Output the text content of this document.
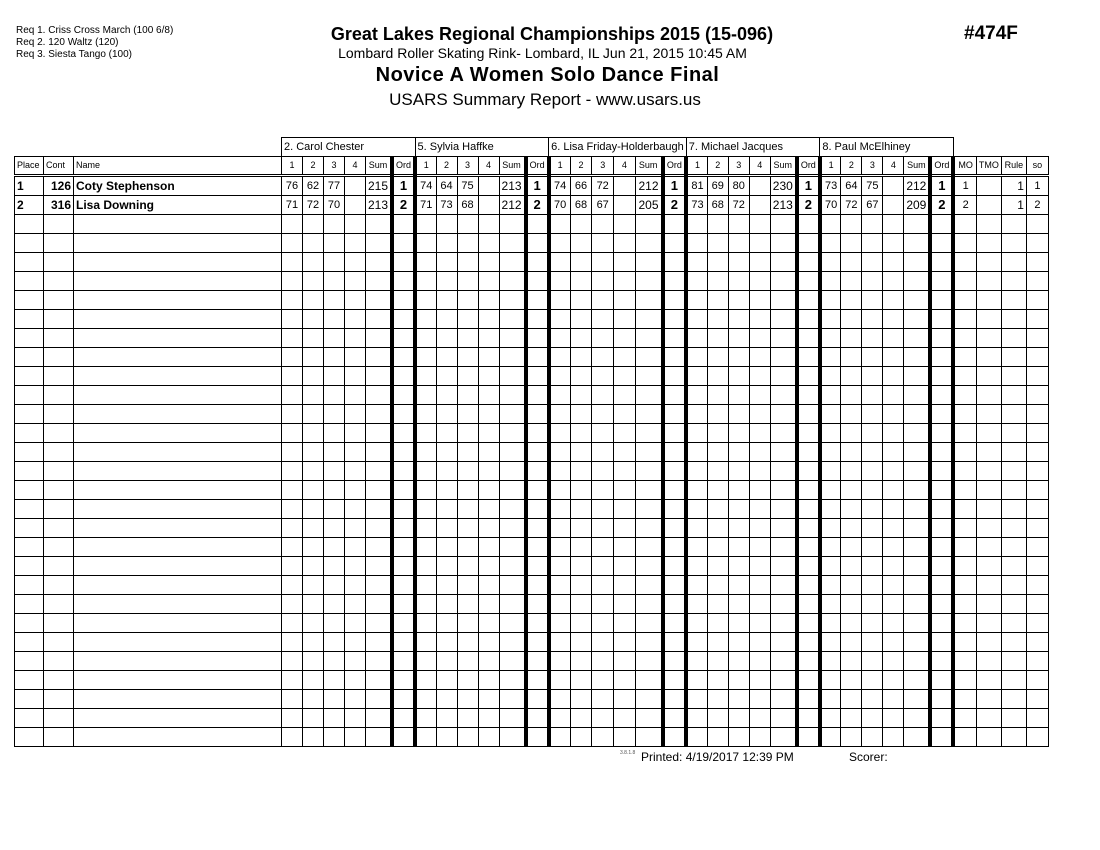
Req 1. Criss Cross March (100 6/8)
Req 2. 120 Waltz (120)
Req 3. Siesta Tango (100)
Great Lakes Regional Championships 2015 (15-096)
Lombard Roller Skating Rink- Lombard, IL Jun 21, 2015 10:45 AM
Novice A Women Solo Dance Final
USARS Summary Report - www.usars.us
#474F
			2. Carol Chester						5. Sylvia Haffke						6. Lisa Friday-Holderbaugh						7. Michael Jacques						8. Paul McElhiney									
Place	Cont	Name	1	2	3	4	Sum	Ord	1	2	3	4	Sum	Ord	1	2	3	4	Sum	Ord	1	2	3	4	Sum	Ord	1	2	3	4	Sum	Ord	MO	TMO	Rule	so
1	126	Coty Stephenson	76	62	77		215	1	74	64	75		213	1	74	66	72		212	1	81	69	80		230	1	73	64	75		212	1	1		1	1
2	316	Lisa Downing	71	72	70		213	2	71	73	68		212	2	70	68	67		205	2	73	68	72		213	2	70	72	67		209	2	2		1	2

3.8.1.8 Printed: 4/19/2017 12:39 PM	Scorer:
